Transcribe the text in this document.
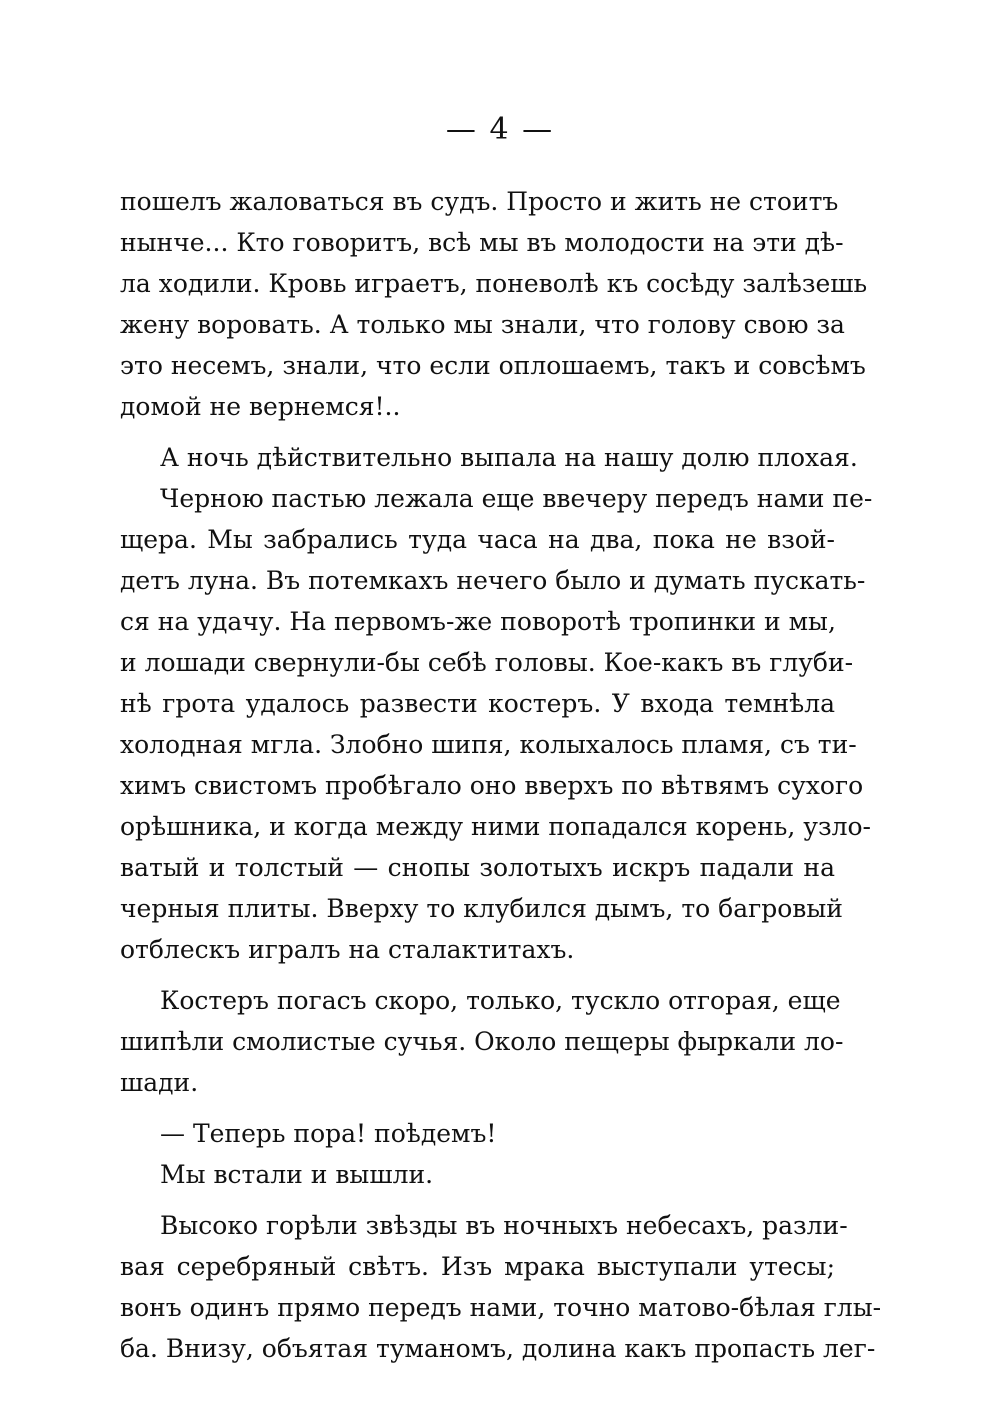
— 4 —
пошелъ жаловаться въ судъ. Просто и жить не стоитъ
нынче... Кто говоритъ, всѣ мы въ молодости на эти дѣ-
ла ходили. Кровь играетъ, поневолѣ къ сосѣду залѣзешь
жену воровать. А только мы знали, что голову свою за
это несемъ, знали, что если оплошаемъ, такъ и совсѣмъ
домой не вернемся!..
А ночь дѣйствительно выпала на нашу долю плохая.
Черною пастью лежала еще ввечеру передъ нами пе-
щера. Мы забрались туда часа на два, пока не взой-
детъ луна. Въ потемкахъ нечего было и думать пускать-
ся на удачу. На первомъ-же поворотѣ тропинки и мы,
и лошади свернули-бы себѣ головы. Кое-какъ въ глуби-
нѣ грота удалось развести костеръ. У входа темнѣла
холодная мгла. Злобно шипя, колыхалось пламя, съ ти-
химъ свистомъ пробѣгало оно вверхъ по вѣтвямъ сухого
орѣшника, и когда между ними попадался корень, узло-
ватый и толстый — снопы золотыхъ искръ падали на
черныя плиты. Вверху то клубился дымъ, то багровый
отблескъ игралъ на сталактитахъ.
Костеръ погасъ скоро, только, тускло отгорая, еще
шипѣли смолистые сучья. Около пещеры фыркали ло-
шади.
— Теперь пора! поѣдемъ!
Мы встали и вышли.
Высоко горѣли звѣзды въ ночныхъ небесахъ, разли-
вая серебряный свѣтъ. Изъ мрака выступали утесы;
вонъ одинъ прямо передъ нами, точно матово-бѣлая глы-
ба. Внизу, объятая туманомъ, долина какъ пропасть лег-
